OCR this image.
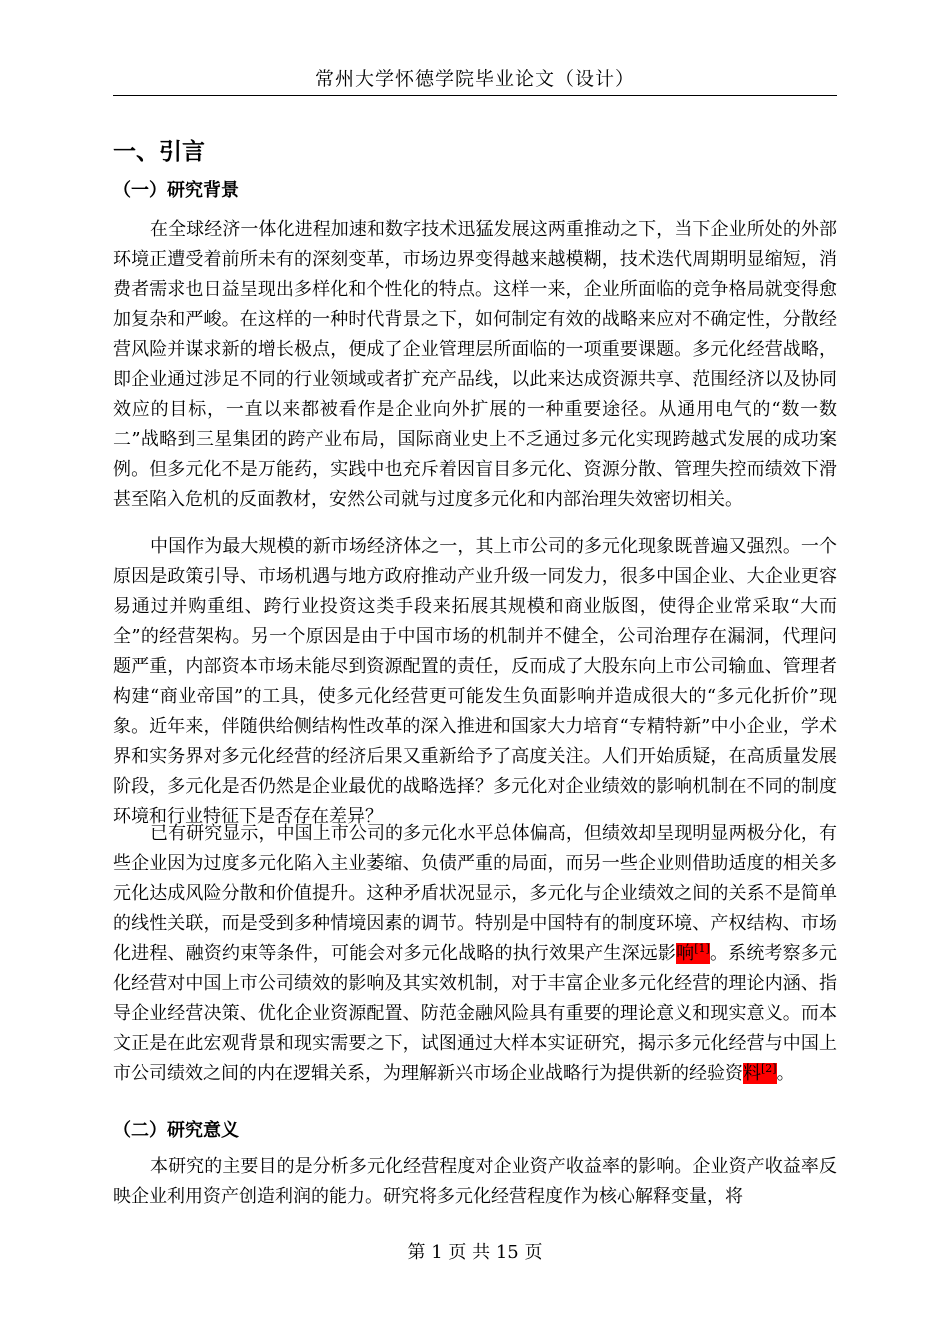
常州大学怀德学院毕业论文（设计）
一、引言
（一）研究背景

在全球经济一体化进程加速和数字技术迅猛发展这两重推动之下，当下企业所处的外部环境正遭受着前所未有的深刻变革，市场边界变得越来越模糊，技术迭代周期明显缩短，消费者需求也日益呈现出多样化和个性化的特点。这样一来，企业所面临的竞争格局就变得愈加复杂和严峻。在这样的一种时代背景之下，如何制定有效的战略来应对不确定性，分散经营风险并谋求新的增长极点，便成了企业管理层所面临的一项重要课题。多元化经营战略，即企业通过涉足不同的行业领域或者扩充产品线，以此来达成资源共享、范围经济以及协同效应的目标，一直以来都被看作是企业向外扩展的一种重要途径。从通用电气的“数一数二”战略到三星集团的跨产业布局，国际商业史上不乏通过多元化实现跨越式发展的成功案例。但多元化不是万能药，实践中也充斥着因盲目多元化、资源分散、管理失控而绩效下滑甚至陷入危机的反面教材，安然公司就与过度多元化和内部治理失效密切相关。

中国作为最大规模的新市场经济体之一，其上市公司的多元化现象既普遍又强烈。一个原因是政策引导、市场机遇与地方政府推动产业升级一同发力，很多中国企业、大企业更容易通过并购重组、跨行业投资这类手段来拓展其规模和商业版图，使得企业常采取“大而全”的经营架构。另一个原因是由于中国市场的机制并不健全，公司治理存在漏洞，代理问题严重，内部资本市场未能尽到资源配置的责任，反而成了大股东向上市公司输血、管理者构建“商业帝国”的工具，使多元化经营更可能发生负面影响并造成很大的“多元化折价”现象。近年来，伴随供给侧结构性改革的深入推进和国家大力培育“专精特新”中小企业，学术界和实务界对多元化经营的经济后果又重新给予了高度关注。人们开始质疑，在高质量发展阶段，多元化是否仍然是企业最优的战略选择？多元化对企业绩效的影响机制在不同的制度环境和行业特征下是否存在差异？

已有研究显示，中国上市公司的多元化水平总体偏高，但绩效却呈现明显两极分化，有些企业因为过度多元化陷入主业萎缩、负债严重的局面，而另一些企业则借助适度的相关多元化达成风险分散和价值提升。这种矛盾状况显示，多元化与企业绩效之间的关系不是简单的线性关联，而是受到多种情境因素的调节。特别是中国特有的制度环境、产权结构、市场化进程、融资约束等条件，可能会对多元化战略的执行效果产生深远影响[1]。系统考察多元化经营对中国上市公司绩效的影响及其实效机制，对于丰富企业多元化经营的理论内涵、指导企业经营决策、优化企业资源配置、防范金融风险具有重要的理论意义和现实意义。而本文正是在此宏观背景和现实需要之下，试图通过大样本实证研究，揭示多元化经营与中国上市公司绩效之间的内在逻辑关系，为理解新兴市场企业战略行为提供新的经验资料[2]。

（二）研究意义

本研究的主要目的是分析多元化经营程度对企业资产收益率的影响。企业资产收益率反映企业利用资产创造利润的能力。研究将多元化经营程度作为核心解释变量，将

第 1 页 共 15 页
